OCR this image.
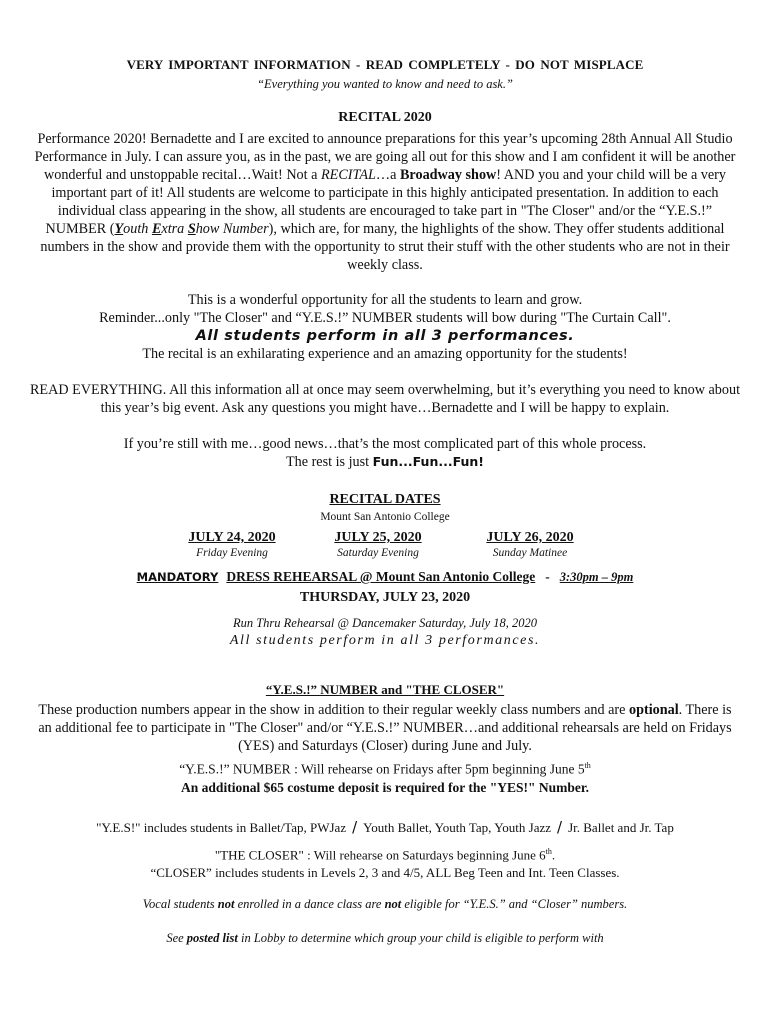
VERY IMPORTANT INFORMATION - READ COMPLETELY - DO NOT MISPLACE

“Everything you wanted to know and need to ask.”

RECITAL 2020

Performance 2020! Bernadette and I are excited to announce preparations for this year’s upcoming 28th Annual All Studio Performance in July. I can assure you, as in the past, we are going all out for this show and I am confident it will be another wonderful and unstoppable recital…Wait! Not a RECITAL…a Broadway show! AND you and your child will be a very important part of it! All students are welcome to participate in this highly anticipated presentation. In addition to each individual class appearing in the show, all students are encouraged to take part in "The Closer" and/or the “Y.E.S.!” NUMBER (Youth Extra Show Number), which are, for many, the highlights of the show. They offer students additional numbers in the show and provide them with the opportunity to strut their stuff with the other students who are not in their weekly class.

This is a wonderful opportunity for all the students to learn and grow.

Reminder...only "The Closer" and “Y.E.S.!” NUMBER students will bow during "The Curtain Call".

All students perform in all 3 performances.

The recital is an exhilarating experience and an amazing opportunity for the students!

READ EVERYTHING. All this information all at once may seem overwhelming, but it’s everything you need to know about this year’s big event. Ask any questions you might have…Bernadette and I will be happy to explain.

If you’re still with me…good news…that’s the most complicated part of this whole process.

The rest is just Fun...Fun...Fun!

RECITAL DATES

Mount San Antonio College

JULY 24, 2020
Friday Evening
JULY 25, 2020
Saturday Evening
JULY 26, 2020
Sunday Matinee

MANDATORY DRESS REHEARSAL @ Mount San Antonio College - 3:30pm – 9pm

THURSDAY, JULY 23, 2020

Run Thru Rehearsal @ Dancemaker Saturday, July 18, 2020

All students perform in all 3 performances.

“Y.E.S.!” NUMBER and "THE CLOSER"

These production numbers appear in the show in addition to their regular weekly class numbers and are optional. There is an additional fee to participate in "The Closer" and/or “Y.E.S.!” NUMBER…and additional rehearsals are held on Fridays (YES) and Saturdays (Closer) during June and July.

“Y.E.S.!” NUMBER : Will rehearse on Fridays after 5pm beginning June 5th

An additional $65 costume deposit is required for the "YES!" Number.

"Y.E.S!" includes students in Ballet/Tap, PWJaz / Youth Ballet, Youth Tap, Youth Jazz / Jr. Ballet and Jr. Tap

"THE CLOSER" : Will rehearse on Saturdays beginning June 6th.

“CLOSER” includes students in Levels 2, 3 and 4/5, ALL Beg Teen and Int. Teen Classes.

Vocal students not enrolled in a dance class are not eligible for “Y.E.S.” and “Closer” numbers.

See posted list in Lobby to determine which group your child is eligible to perform with
